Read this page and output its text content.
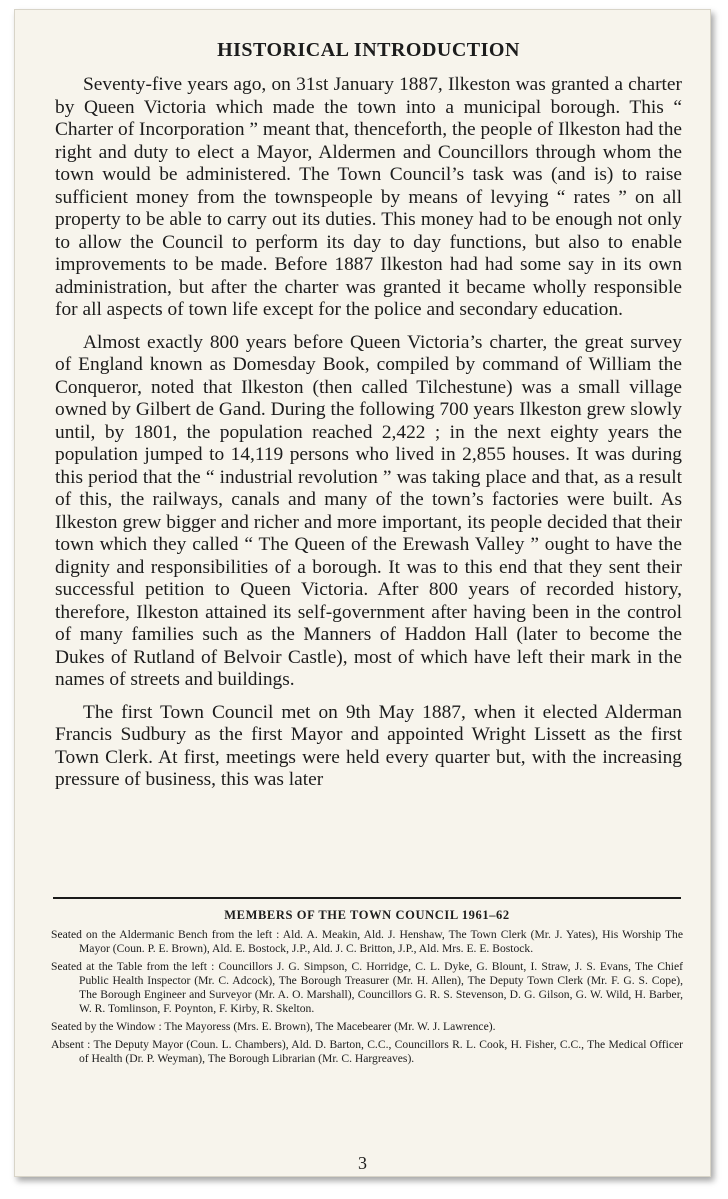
HISTORICAL INTRODUCTION

Seventy-five years ago, on 31st January 1887, Ilkeston was granted a charter by Queen Victoria which made the town into a municipal borough. This “ Charter of Incorporation ” meant that, thenceforth, the people of Ilkeston had the right and duty to elect a Mayor, Aldermen and Councillors through whom the town would be administered. The Town Council’s task was (and is) to raise sufficient money from the townspeople by means of levying “ rates ” on all property to be able to carry out its duties. This money had to be enough not only to allow the Council to perform its day to day functions, but also to enable improvements to be made. Before 1887 Ilkeston had had some say in its own administration, but after the charter was granted it became wholly responsible for all aspects of town life except for the police and secondary education.

Almost exactly 800 years before Queen Victoria’s charter, the great survey of England known as Domesday Book, compiled by command of William the Conqueror, noted that Ilkeston (then called Tilchestune) was a small village owned by Gilbert de Gand. During the following 700 years Ilkeston grew slowly until, by 1801, the population reached 2,422 ; in the next eighty years the population jumped to 14,119 persons who lived in 2,855 houses. It was during this period that the “ industrial revolution ” was taking place and that, as a result of this, the railways, canals and many of the town’s factories were built. As Ilkeston grew bigger and richer and more important, its people decided that their town which they called “ The Queen of the Erewash Valley ” ought to have the dignity and responsibilities of a borough. It was to this end that they sent their successful petition to Queen Victoria. After 800 years of recorded history, therefore, Ilkeston attained its self-government after having been in the control of many families such as the Manners of Haddon Hall (later to become the Dukes of Rutland of Belvoir Castle), most of which have left their mark in the names of streets and buildings.

The first Town Council met on 9th May 1887, when it elected Alderman Francis Sudbury as the first Mayor and appointed Wright Lissett as the first Town Clerk. At first, meetings were held every quarter but, with the increasing pressure of business, this was later

MEMBERS OF THE TOWN COUNCIL 1961–62

Seated on the Aldermanic Bench from the left : Ald. A. Meakin, Ald. J. Henshaw, The Town Clerk (Mr. J. Yates), His Worship The Mayor (Coun. P. E. Brown), Ald. E. Bostock, J.P., Ald. J. C. Britton, J.P., Ald. Mrs. E. E. Bostock.

Seated at the Table from the left : Councillors J. G. Simpson, C. Horridge, C. L. Dyke, G. Blount, I. Straw, J. S. Evans, The Chief Public Health Inspector (Mr. C. Adcock), The Borough Treasurer (Mr. H. Allen), The Deputy Town Clerk (Mr. F. G. S. Cope), The Borough Engineer and Surveyor (Mr. A. O. Marshall), Councillors G. R. S. Stevenson, D. G. Gilson, G. W. Wild, H. Barber, W. R. Tomlinson, F. Poynton, F. Kirby, R. Skelton.

Seated by the Window : The Mayoress (Mrs. E. Brown), The Macebearer (Mr. W. J. Lawrence).

Absent : The Deputy Mayor (Coun. L. Chambers), Ald. D. Barton, C.C., Councillors R. L. Cook, H. Fisher, C.C., The Medical Officer of Health (Dr. P. Weyman), The Borough Librarian (Mr. C. Hargreaves).

3
